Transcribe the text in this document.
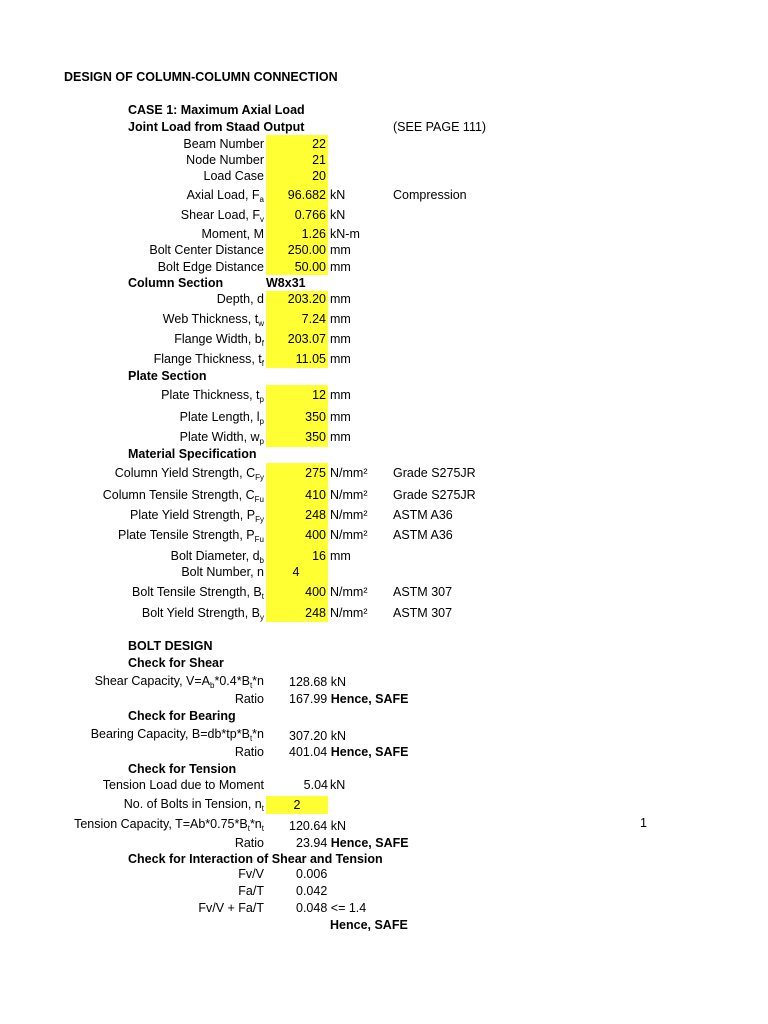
DESIGN OF COLUMN-COLUMN CONNECTION
CASE 1: Maximum Axial Load
Joint Load from Staad Output	(SEE PAGE 111)
Beam Number	22
Node Number	21
Load Case	20
Axial Load, $F_a$	96.682 kN	Compression
Shear Load, $F_v$	0.766 kN
Moment, M	1.26 kN-m
Bolt Center Distance	250.00 mm
Bolt Edge Distance	50.00 mm
Column Section	W8x31
Depth, d	203.20 mm
Web Thickness, $t_w$	7.24 mm
Flange Width, $b_f$	203.07 mm
Flange Thickness, $t_f$	11.05 mm
Plate Section
Plate Thickness, $t_p$	12 mm
Plate Length, $l_p$	350 mm
Plate Width, $w_p$	350 mm
Material Specification
Column Yield Strength, $C_{Fy}$	275 N/mm² Grade S275JR
Column Tensile Strength, $C_{Fu}$	410 N/mm² Grade S275JR
Plate Yield Strength, $P_{Fy}$	248 N/mm² ASTM A36
Plate Tensile Strength, $P_{Fu}$	400 N/mm² ASTM A36
Bolt Diameter, $d_b$	16 mm
Bolt Number, n	4
Bolt Tensile Strength, $B_t$	400 N/mm² ASTM 307
Bolt Yield Strength, $B_y$	248 N/mm² ASTM 307
BOLT DESIGN
Check for Shear
Shear Capacity, $V=A_b*0.4*B_t*n$ 128.68 kN
Ratio 167.99 Hence, SAFE
Check for Bearing
Bearing Capacity, $B=db*tp*B_t*n$ 307.20 kN
Ratio 401.04 Hence, SAFE
Check for Tension
Tension Load due to Moment	5.04 kN
No. of Bolts in Tension, $n_t$	2
Tension Capacity, $T=Ab*0.75*B_t*n_t$ 120.64 kN	1
Ratio	23.94 Hence, SAFE
Check for Interaction of Shear and Tension
Fv/V	0.006
Fa/T	0.042
Fv/V + Fa/T	0.048 <= 1.4
Hence, SAFE
